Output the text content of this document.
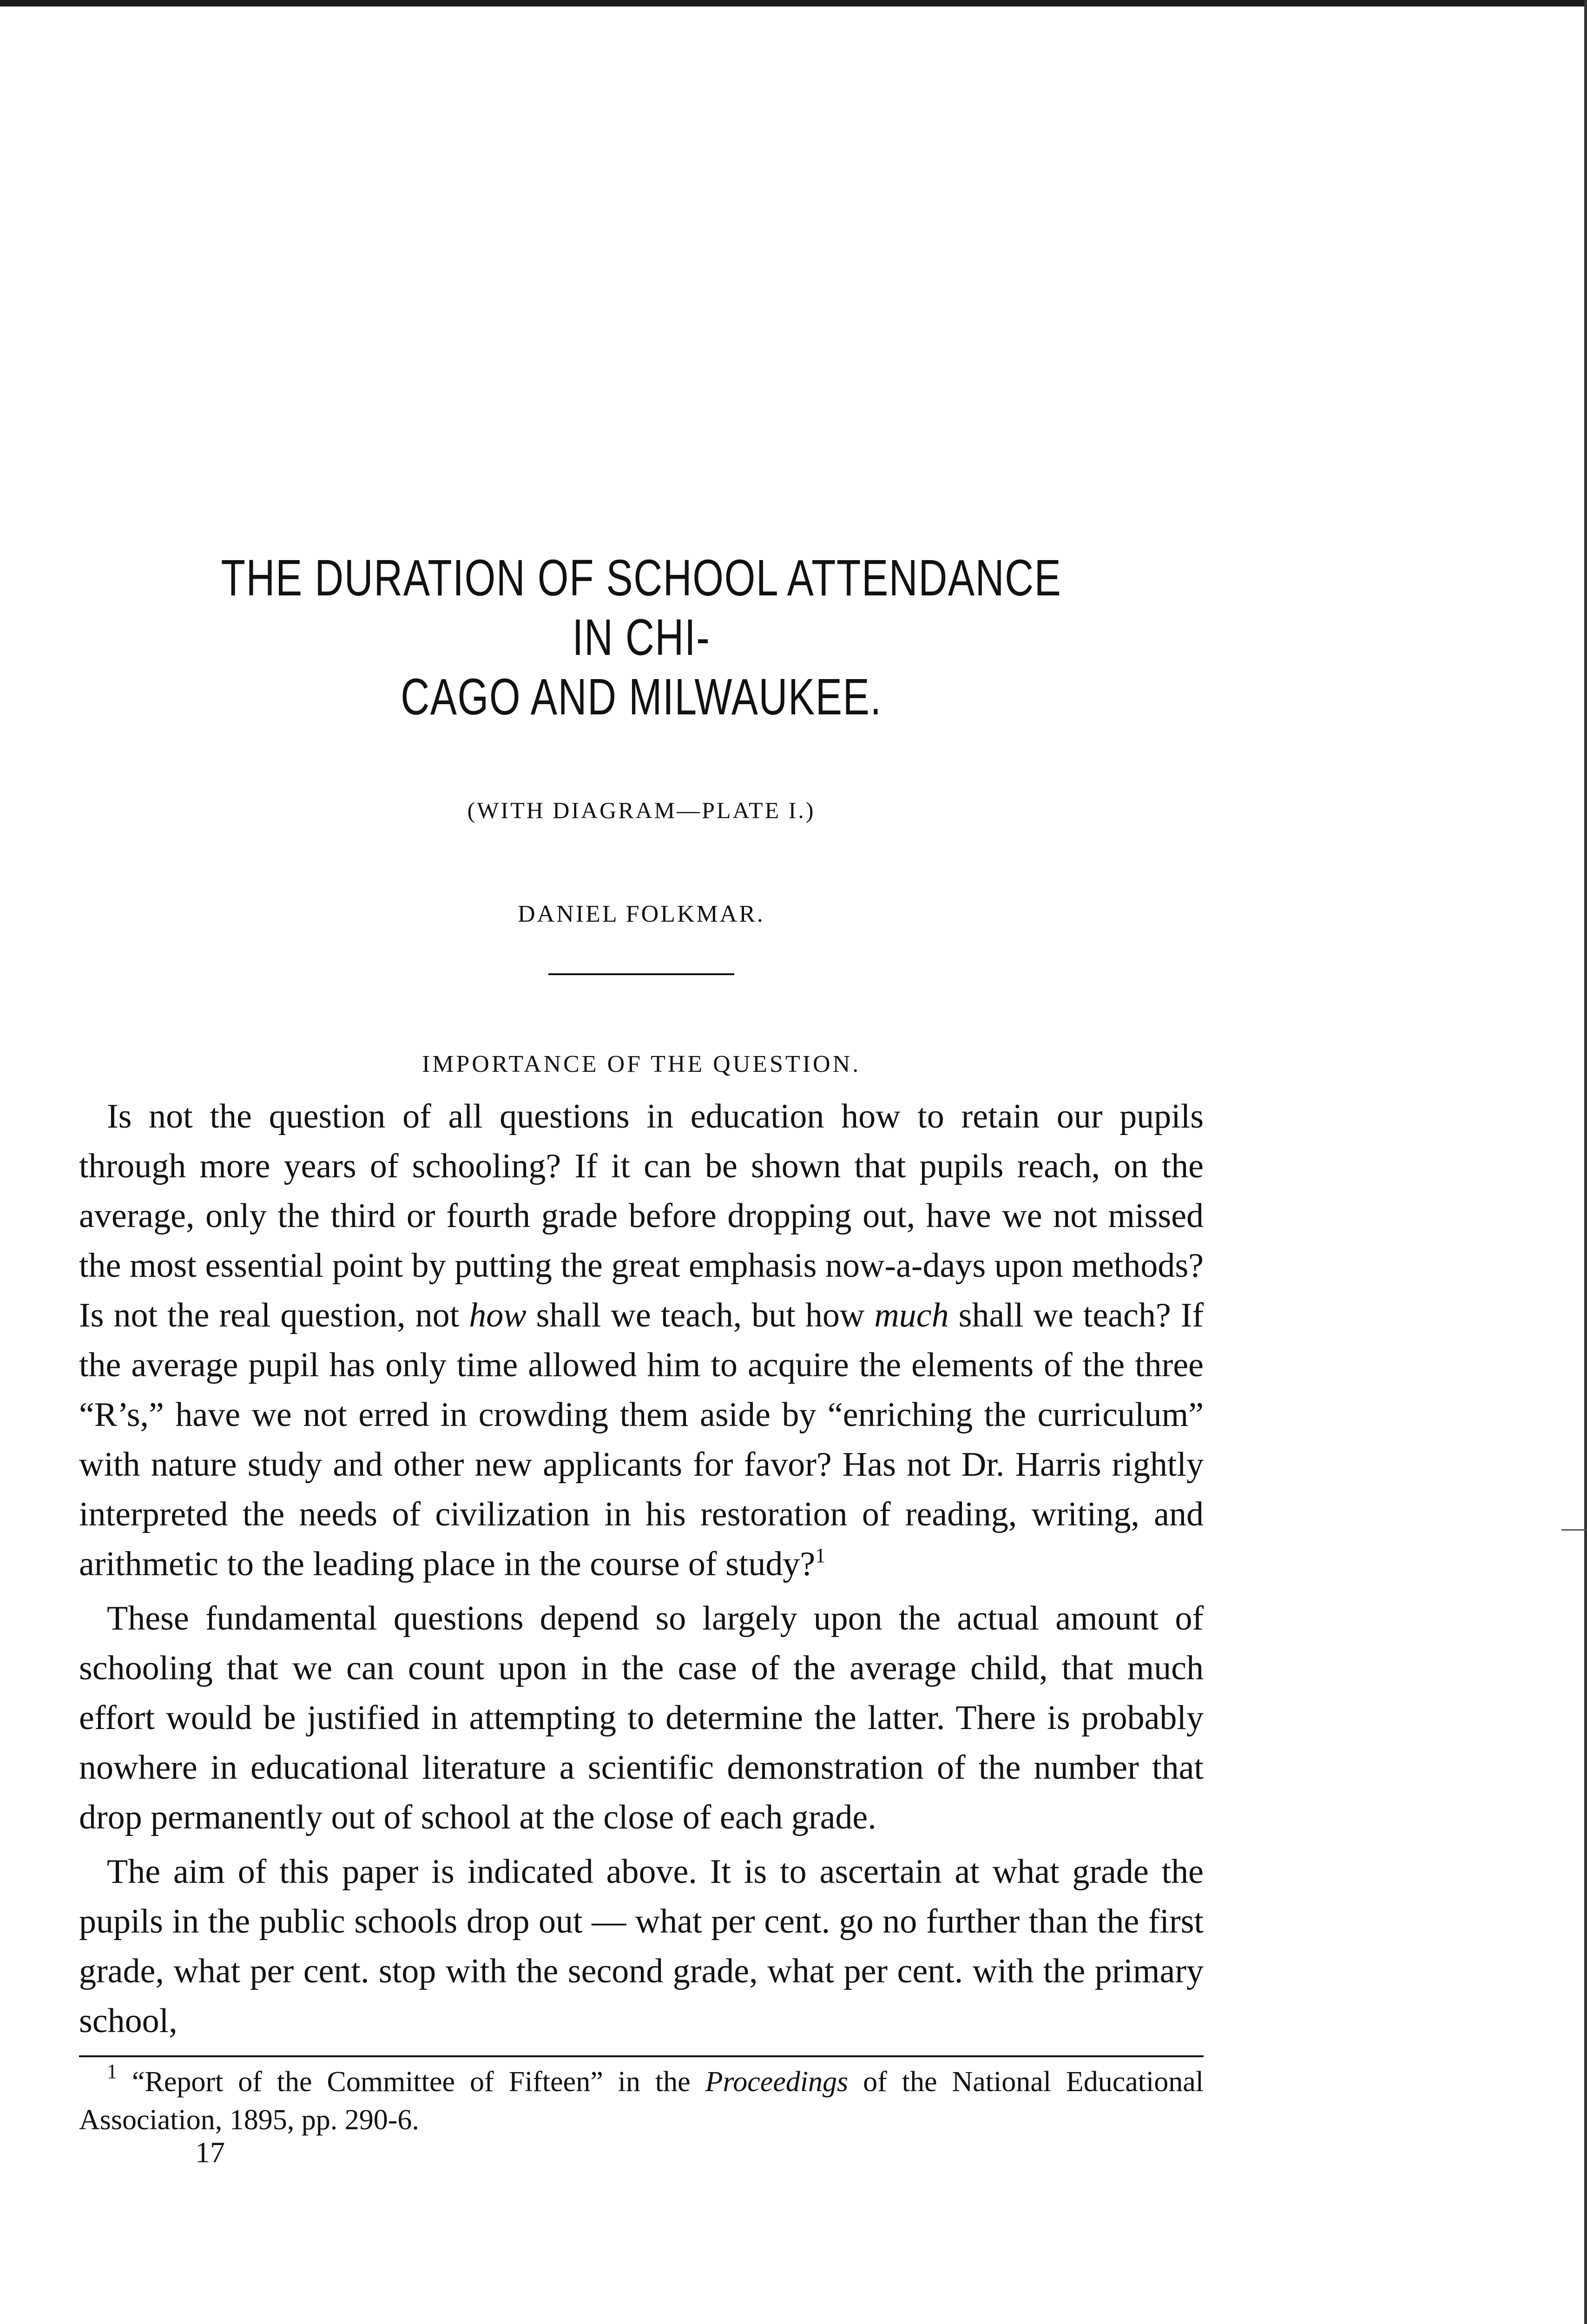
THE DURATION OF SCHOOL ATTENDANCE IN CHI-
CAGO AND MILWAUKEE.
(WITH DIAGRAM—PLATE I.)
DANIEL FOLKMAR.
IMPORTANCE OF THE QUESTION.

Is not the question of all questions in education how to retain our pupils through more years of schooling? If it can be shown that pupils reach, on the average, only the third or fourth grade before dropping out, have we not missed the most essential point by putting the great emphasis now-a-days upon methods? Is not the real question, not how shall we teach, but how much shall we teach? If the average pupil has only time allowed him to acquire the elements of the three “R’s,” have we not erred in crowding them aside by “enriching the curriculum” with nature study and other new applicants for favor? Has not Dr. Harris rightly interpreted the needs of civilization in his restoration of reading, writing, and arithmetic to the leading place in the course of study?$^1$

These fundamental questions depend so largely upon the actual amount of schooling that we can count upon in the case of the average child, that much effort would be justified in attempting to determine the latter. There is probably nowhere in educational literature a scientific demonstration of the number that drop permanently out of school at the close of each grade.

The aim of this paper is indicated above. It is to ascertain at what grade the pupils in the public schools drop out — what per cent. go no further than the first grade, what per cent. stop with the second grade, what per cent. with the primary school,

$^1$ “Report of the Committee of Fifteen” in the Proceedings of the National Educational Association, 1895, pp. 290-6.
17
